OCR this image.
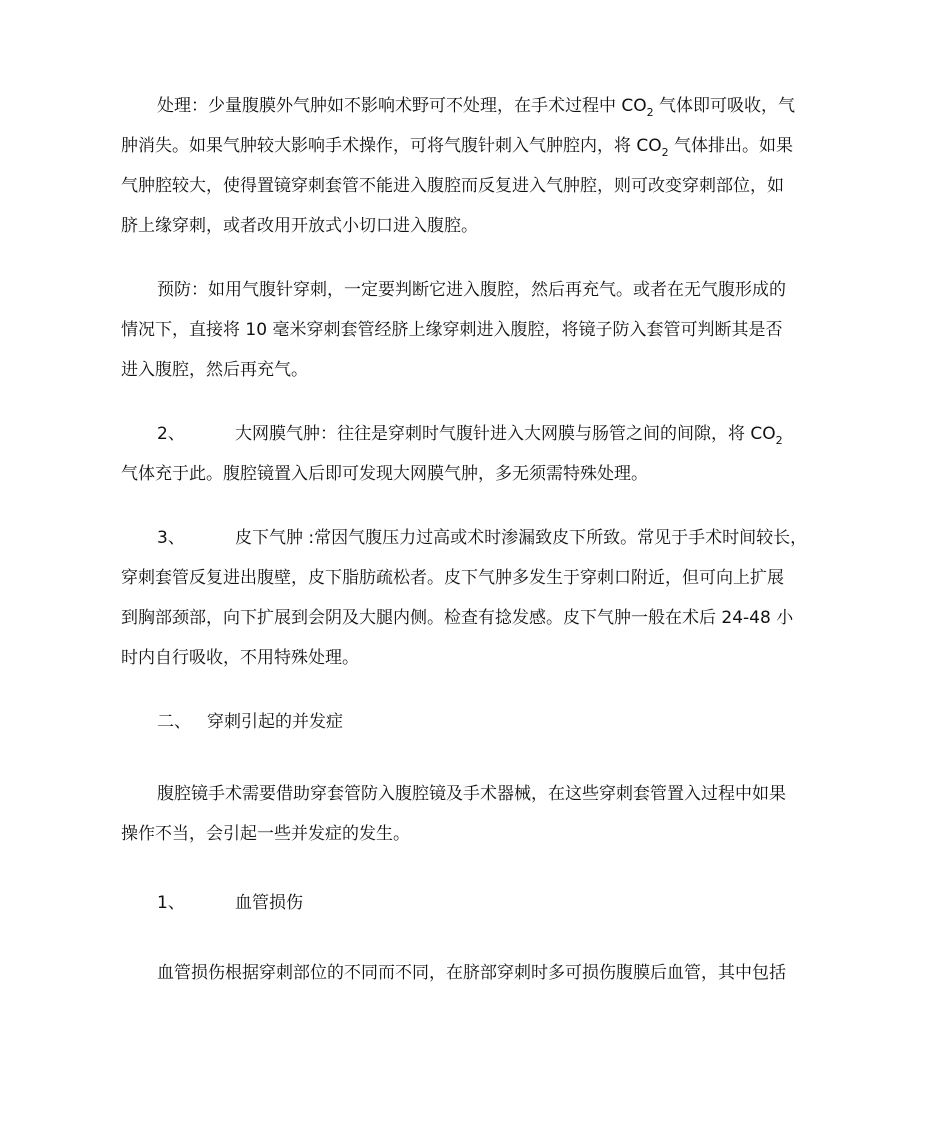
处理：少量腹膜外气肿如不影响术野可不处理，在手术过程中 $CO_2$ 气体即可吸收，气
肿消失。如果气肿较大影响手术操作，可将气腹针刺入气肿腔内，将 $CO_2$ 气体排出。如果
气肿腔较大，使得置镜穿刺套管不能进入腹腔而反复进入气肿腔，则可改变穿刺部位，如
脐上缘穿刺，或者改用开放式小切口进入腹腔。
预防：如用气腹针穿刺，一定要判断它进入腹腔，然后再充气。或者在无气腹形成的
情况下，直接将 10 毫米穿刺套管经脐上缘穿刺进入腹腔，将镜子防入套管可判断其是否
进入腹腔，然后再充气。
2、	大网膜气肿：往往是穿刺时气腹针进入大网膜与肠管之间的间隙，将 $CO_2$
气体充于此。腹腔镜置入后即可发现大网膜气肿，多无须需特殊处理。
3、	皮下气肿 :常因气腹压力过高或术时渗漏致皮下所致。常见于手术时间较长，
穿刺套管反复进出腹壁，皮下脂肪疏松者。皮下气肿多发生于穿刺口附近，但可向上扩展
到胸部颈部，向下扩展到会阴及大腿内侧。检查有捻发感。皮下气肿一般在术后 24-48 小
时内自行吸收，不用特殊处理。
二、 穿刺引起的并发症
腹腔镜手术需要借助穿套管防入腹腔镜及手术器械，在这些穿刺套管置入过程中如果
操作不当，会引起一些并发症的发生。
1、	血管损伤
血管损伤根据穿刺部位的不同而不同，在脐部穿刺时多可损伤腹膜后血管，其中包括
